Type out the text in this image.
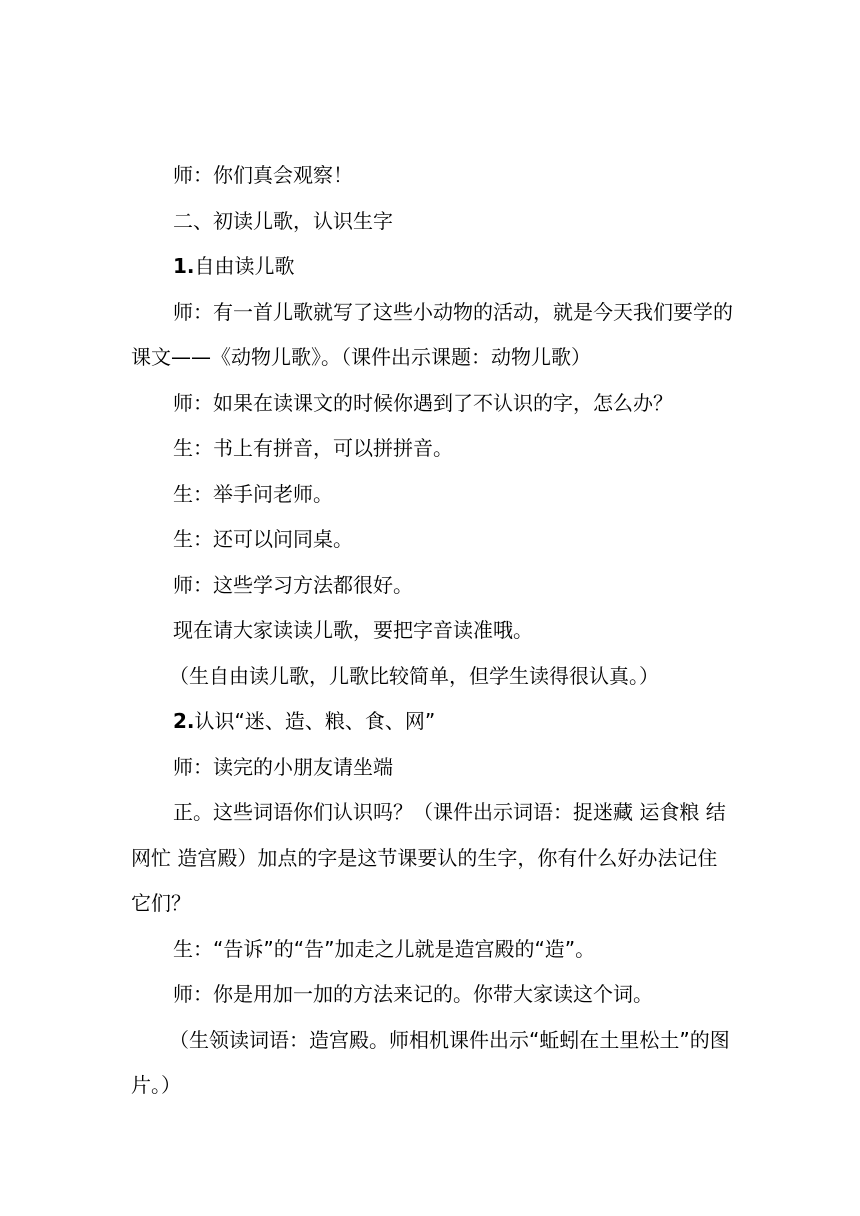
师：你们真会观察！

二、初读儿歌，认识生字

1.自由读儿歌

师：有一首儿歌就写了这些小动物的活动，就是今天我们要学的课文——《动物儿歌》。（课件出示课题：动物儿歌）

师：如果在读课文的时候你遇到了不认识的字，怎么办？

生：书上有拼音，可以拼拼音。

生：举手问老师。

生：还可以问同桌。

师：这些学习方法都很好。

现在请大家读读儿歌，要把字音读准哦。

（生自由读儿歌，儿歌比较简单，但学生读得很认真。）

2.认识“迷、造、粮、食、网”

师：读完的小朋友请坐端

正。这些词语你们认识吗？（课件出示词语：捉迷藏 运食粮 结网忙 造宫殿）加点的字是这节课要认的生字，你有什么好办法记住它们？

生：“告诉”的“告”加走之儿就是造宫殿的“造”。

师：你是用加一加的方法来记的。你带大家读这个词。

（生领读词语：造宫殿。师相机课件出示“蚯蚓在土里松土”的图片。）
